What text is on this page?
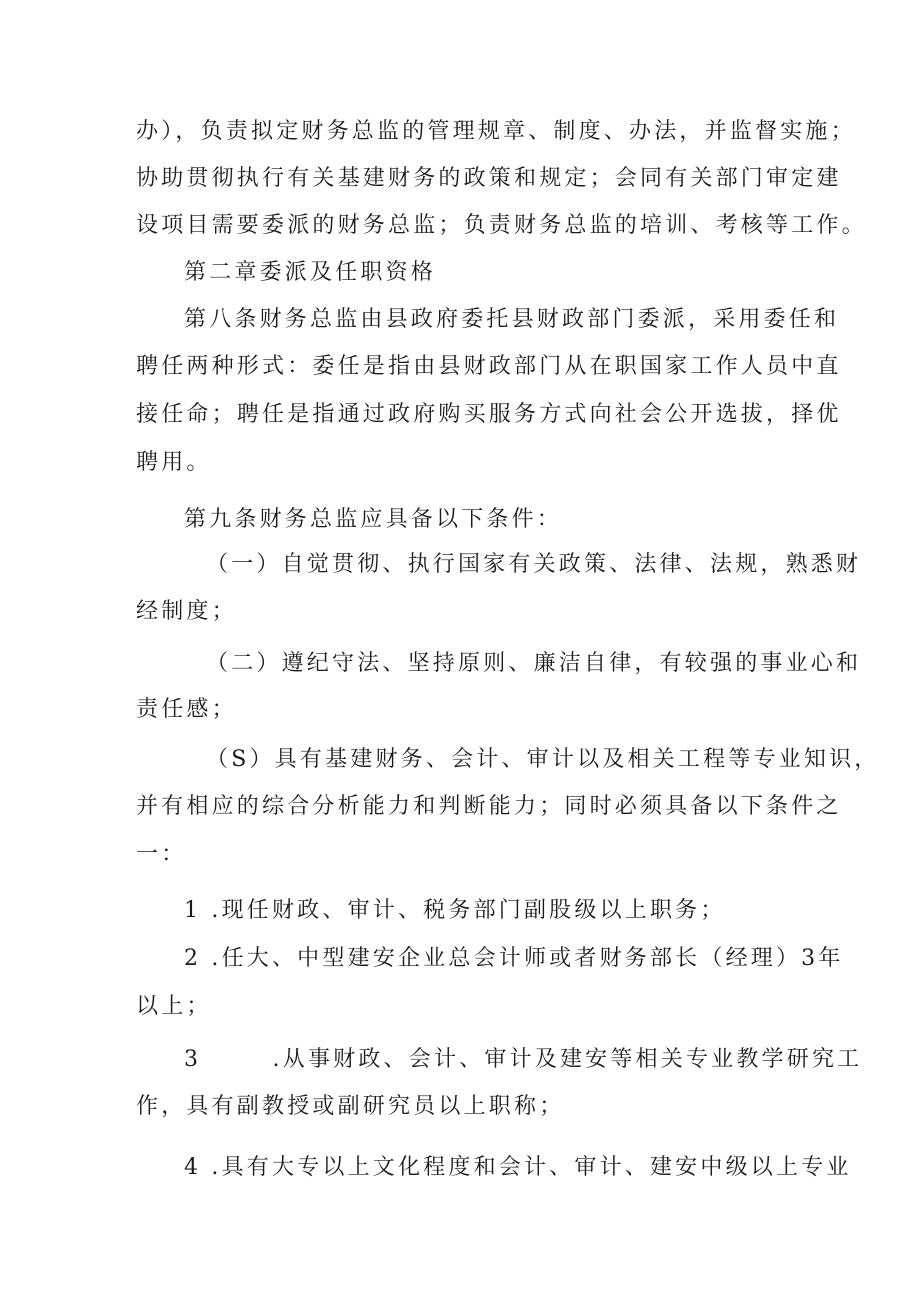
办），负责拟定财务总监的管理规章、制度、办法，并监督实施；
协助贯彻执行有关基建财务的政策和规定；会同有关部门审定建
设项目需要委派的财务总监；负责财务总监的培训、考核等工作。
第二章委派及任职资格
第八条财务总监由县政府委托县财政部门委派，采用委任和
聘任两种形式：委任是指由县财政部门从在职国家工作人员中直
接任命；聘任是指通过政府购买服务方式向社会公开选拔，择优
聘用。
第九条财务总监应具备以下条件：
（一）自觉贯彻、执行国家有关政策、法律、法规，熟悉财
经制度；
（二）遵纪守法、坚持原则、廉洁自律，有较强的事业心和
责任感；
（S）具有基建财务、会计、审计以及相关工程等专业知识，
并有相应的综合分析能力和判断能力；同时必须具备以下条件之
一：
1 .现任财政、审计、税务部门副股级以上职务；
2 .任大、中型建安企业总会计师或者财务部长（经理）3年
以上；
3       .从事财政、会计、审计及建安等相关专业教学研究工
作，具有副教授或副研究员以上职称；
4 .具有大专以上文化程度和会计、审计、建安中级以上专业
